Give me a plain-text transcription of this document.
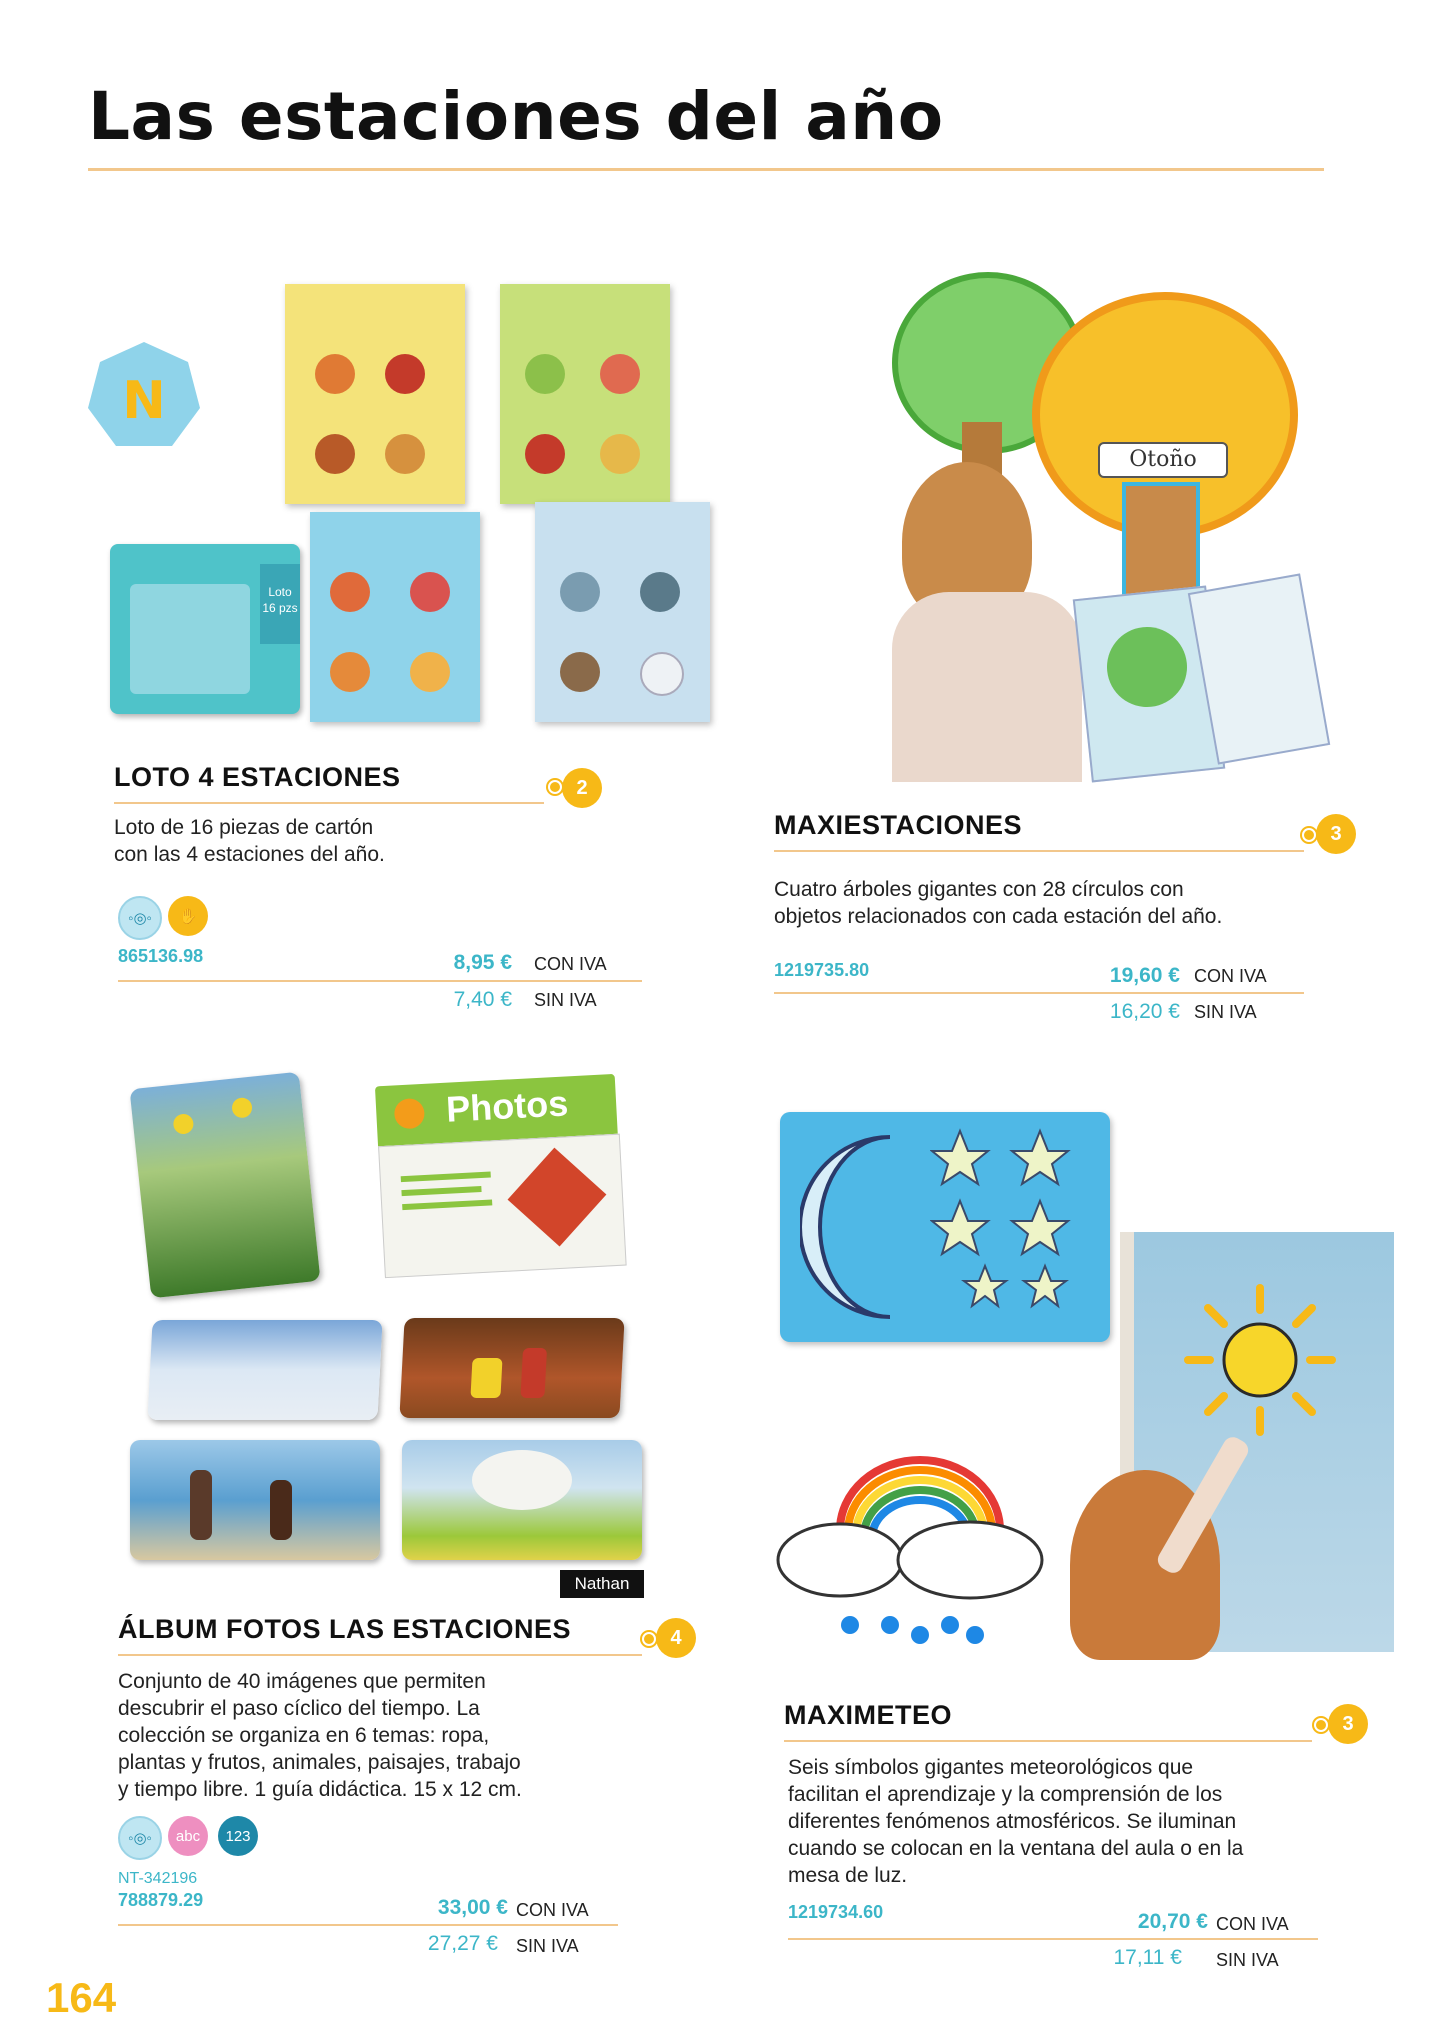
Las estaciones del año
N
Loto
16 pzs
LOTO 4 ESTACIONES	2
Loto de 16 piezas de cartón
con las 4 estaciones del año.
◦◎◦	✋
865136.98	8,95 € CON IVA
7,40 € SIN IVA
Otoño
MAXIESTACIONES	3
Cuatro árboles gigantes con 28 círculos con
objetos relacionados con cada estación del año.
1219735.80	19,60 € CON IVA
16,20 € SIN IVA
Photos
Nathan
ÁLBUM FOTOS LAS ESTACIONES	4
Conjunto de 40 imágenes que permiten
descubrir el paso cíclico del tiempo. La
colección se organiza en 6 temas: ropa,
plantas y frutos, animales, paisajes, trabajo
y tiempo libre. 1 guía didáctica. 15 x 12 cm.
◦◎◦	abc	123
NT-342196
788879.29	33,00 € CON IVA
27,27 € SIN IVA
MAXIMETEO	3
Seis símbolos gigantes meteorológicos que
facilitan el aprendizaje y la comprensión de los
diferentes fenómenos atmosféricos. Se iluminan
cuando se colocan en la ventana del aula o en la
mesa de luz.
1219734.60	20,70 € CON IVA
17,11 € SIN IVA
164
